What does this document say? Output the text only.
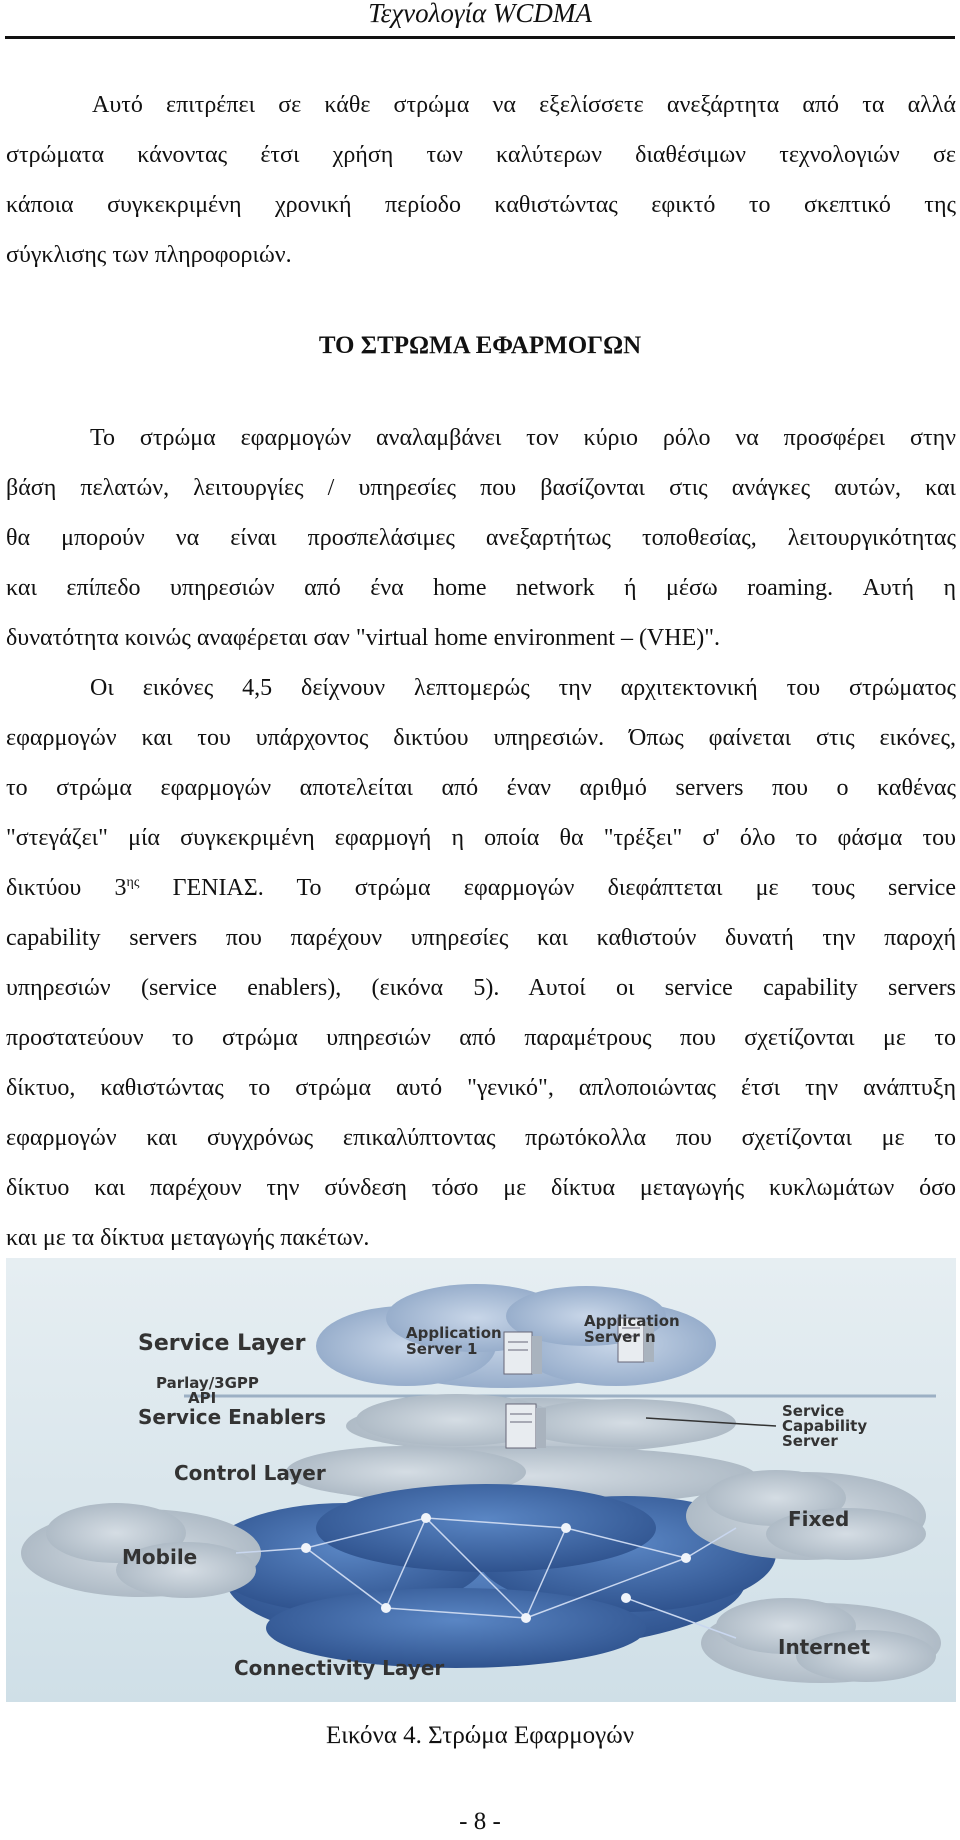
Τεχνολογία WCDMA
Αυτό επιτρέπει σε κάθε στρώμα να εξελίσσετε ανεξάρτητα από τα αλλά
στρώματα κάνοντας έτσι χρήση των καλύτερων διαθέσιμων τεχνολογιών σε
κάποια συγκεκριμένη χρονική περίοδο καθιστώντας εφικτό το σκεπτικό της
σύγκλισης των πληροφοριών.
ΤΟ ΣΤΡΩΜΑ ΕΦΑΡΜΟΓΩΝ
Το στρώμα εφαρμογών αναλαμβάνει τον κύριο ρόλο να προσφέρει στην
βάση πελατών, λειτουργίες / υπηρεσίες που βασίζονται στις ανάγκες αυτών, και
θα μπορούν να είναι προσπελάσιμες ανεξαρτήτως τοποθεσίας, λειτουργικότητας
και επίπεδο υπηρεσιών από ένα home network ή μέσω roaming. Αυτή η
δυνατότητα κοινώς αναφέρεται σαν "virtual home environment – (VHE)".
Οι εικόνες 4,5 δείχνουν λεπτομερώς την αρχιτεκτονική του στρώματος
εφαρμογών και του υπάρχοντος δικτύου υπηρεσιών. Όπως φαίνεται στις εικόνες,
το στρώμα εφαρμογών αποτελείται από έναν αριθμό servers που ο καθένας
"στεγάζει" μία συγκεκριμένη εφαρμογή η οποία θα "τρέξει" σ' όλο το φάσμα του
δικτύου $3^{\eta\varsigma}$ ΓΕΝΙΑΣ. Το στρώμα εφαρμογών διεφάπτεται με τους service
capability servers που παρέχουν υπηρεσίες και καθιστούν δυνατή την παροχή
υπηρεσιών (service enablers), (εικόνα 5). Αυτοί οι service capability servers
προστατεύουν το στρώμα υπηρεσιών από παραμέτρους που σχετίζονται με το
δίκτυο, καθιστώντας το στρώμα αυτό "γενικό", απλοποιώντας έτσι την ανάπτυξη
εφαρμογών και συγχρόνως επικαλύπτοντας πρωτόκολλα που σχετίζονται με το
δίκτυο και παρέχουν την σύνδεση τόσο με δίκτυα μεταγωγής κυκλωμάτων όσο
και με τα δίκτυα μεταγωγής πακέτων.
Service Layer	Application
Server 1
Application
Server n
Parlay/3GPP
API
Service Enablers	Service
Capability
Server
Control Layer
Fixed
Mobile
Internet
Connectivity Layer
Εικόνα 4. Στρώμα Εφαρμογών
- 8 -
